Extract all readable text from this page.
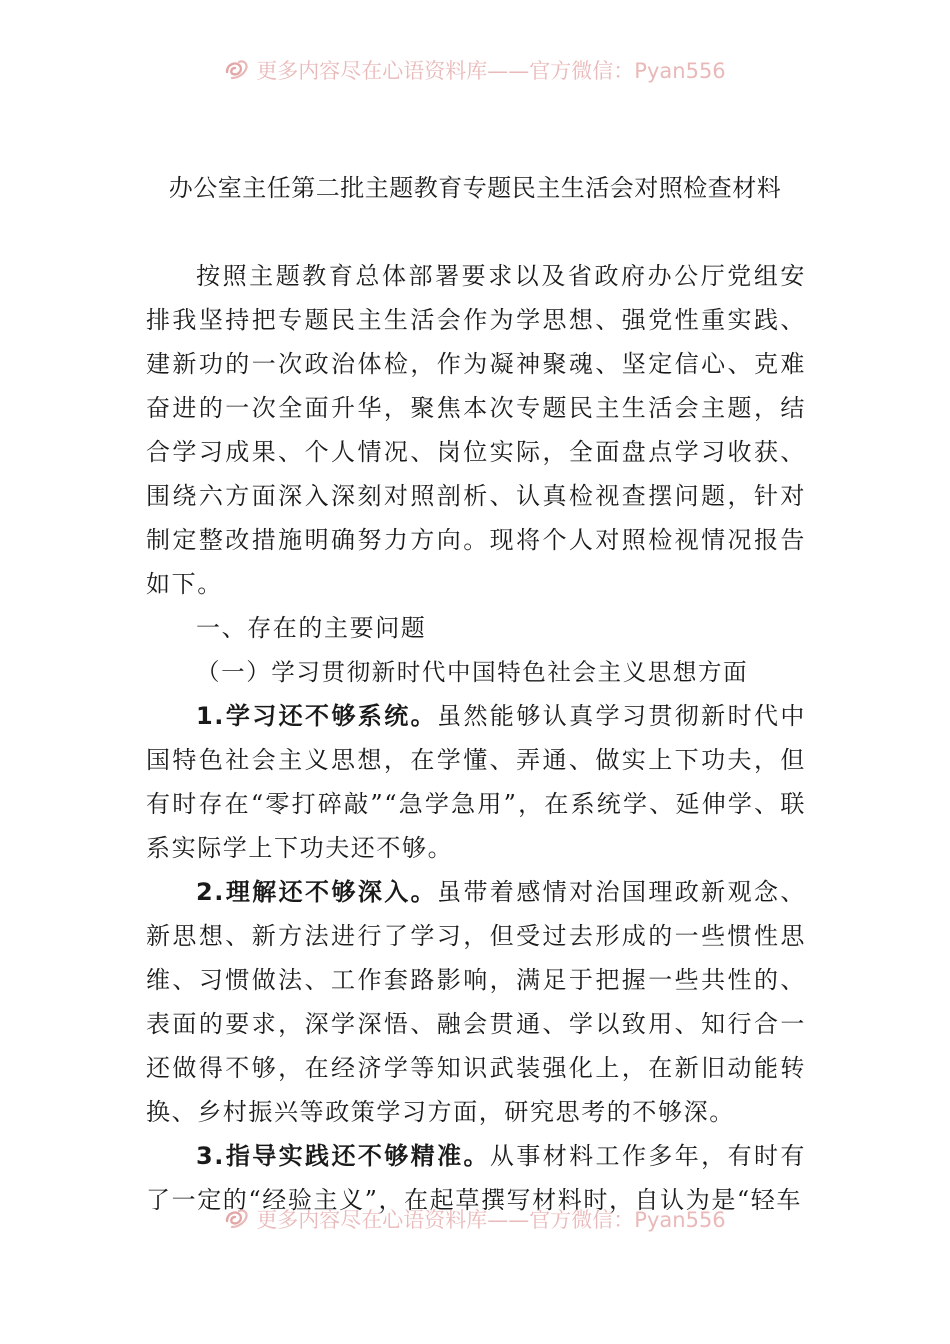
更多内容尽在心语资料库——官方微信：Pyan556
办公室主任第二批主题教育专题民主生活会对照检查材料

按照主题教育总体部署要求以及省政府办公厅党组安排我坚持把专题民主生活会作为学思想、强党性重实践、建新功的一次政治体检，作为凝神聚魂、坚定信心、克难奋进的一次全面升华，聚焦本次专题民主生活会主题，结合学习成果、个人情况、岗位实际，全面盘点学习收获、围绕六方面深入深刻对照剖析、认真检视查摆问题，针对制定整改措施明确努力方向。现将个人对照检视情况报告如下。

一、存在的主要问题

（一）学习贯彻新时代中国特色社会主义思想方面

1.学习还不够系统。虽然能够认真学习贯彻新时代中国特色社会主义思想，在学懂、弄通、做实上下功夫，但有时存在“零打碎敲”“急学急用”，在系统学、延伸学、联系实际学上下功夫还不够。

2.理解还不够深入。虽带着感情对治国理政新观念、新思想、新方法进行了学习，但受过去形成的一些惯性思维、习惯做法、工作套路影响，满足于把握一些共性的、表面的要求，深学深悟、融会贯通、学以致用、知行合一还做得不够，在经济学等知识武装强化上，在新旧动能转换、乡村振兴等政策学习方面，研究思考的不够深。

3.指导实践还不够精准。从事材料工作多年，有时有了一定的“经验主义”，在起草撰写材料时，自认为是“轻车

更多内容尽在心语资料库——官方微信：Pyan556
